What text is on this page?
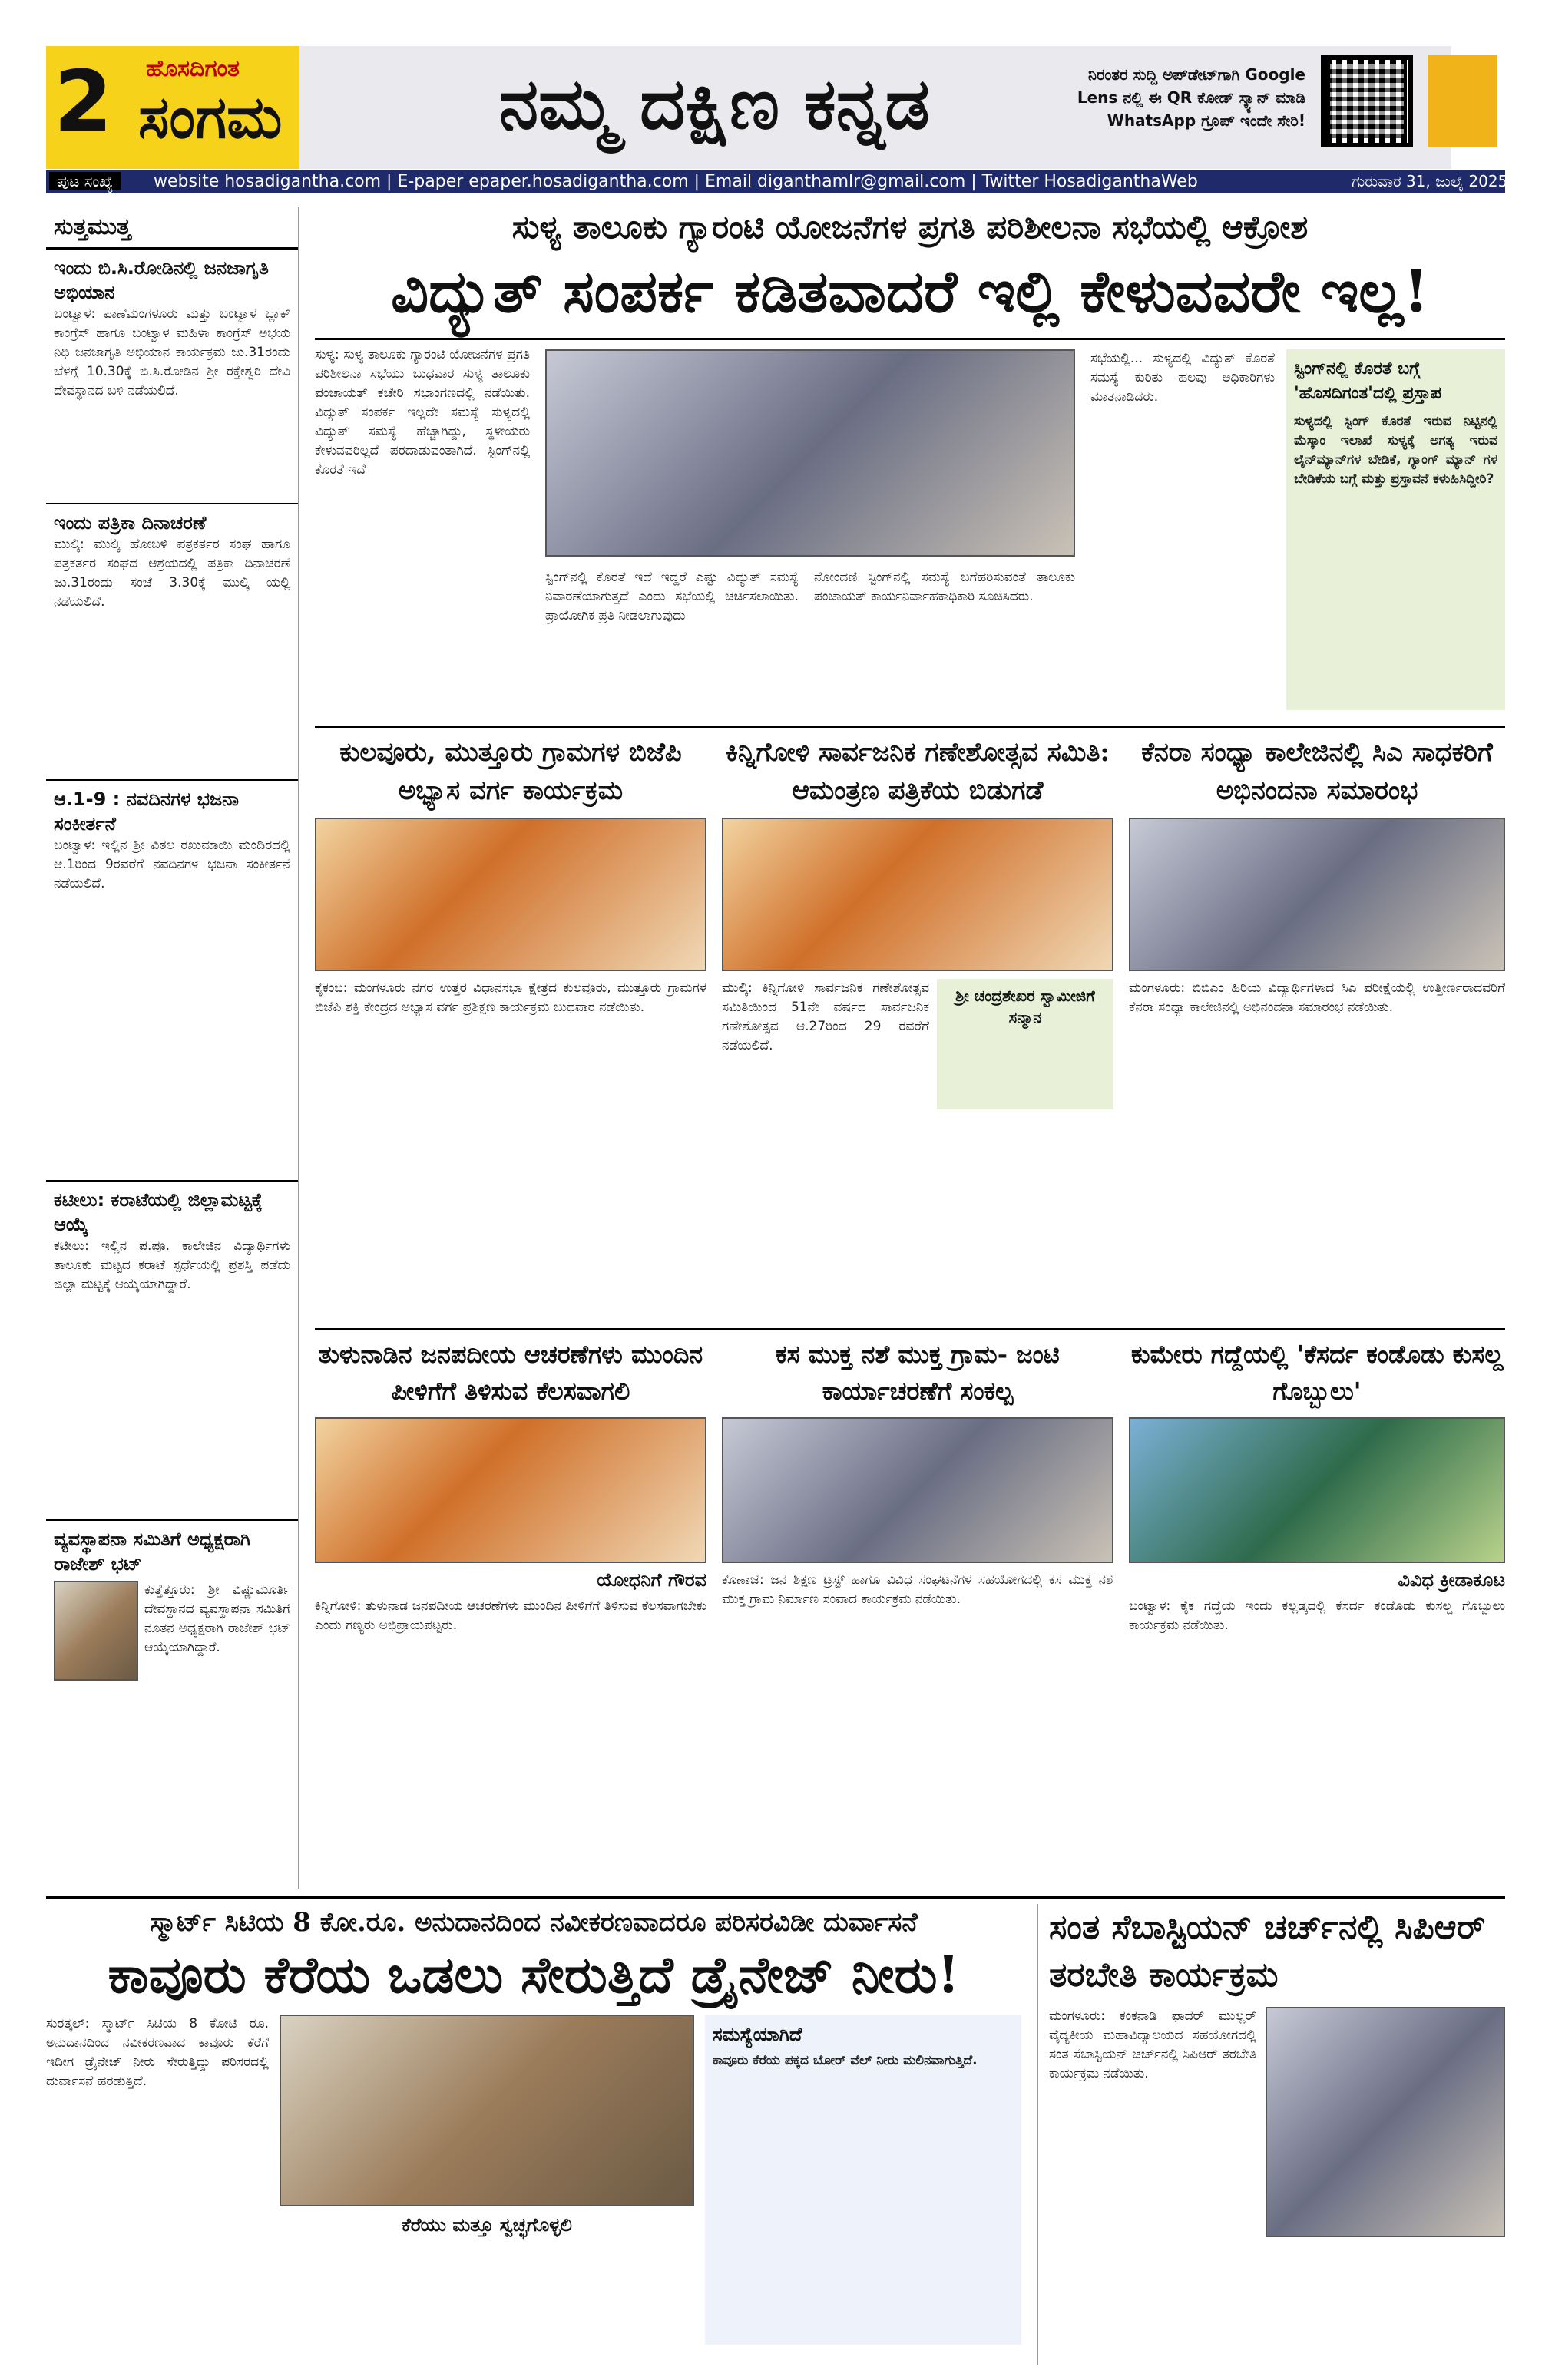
2 ಹೊಸದಿಗಂತ
ಸಂಗಮ	ನಮ್ಮ ದಕ್ಷಿಣ ಕನ್ನಡ	ನಿರಂತರ ಸುದ್ದಿ ಅಪ್‌ಡೇಟ್‌ಗಾಗಿ Google Lens ನಲ್ಲಿ ಈ QR ಕೋಡ್ ಸ್ಕ್ಯಾನ್ ಮಾಡಿ WhatsApp ಗ್ರೂಪ್ ಇಂದೇ ಸೇರಿ!
ಪುಟ ಸಂಖ್ಯೆ	website hosadigantha.com | E-paper epaper.hosadigantha.com | Email diganthamlr@gmail.com | Twitter HosadiganthaWeb	ಗುರುವಾರ 31, ಜುಲೈ 2025
ಸುತ್ತಮುತ್ತ
ಇಂದು ಬಿ.ಸಿ.ರೋಡಿನಲ್ಲಿ ಜನಜಾಗೃತಿ ಅಭಿಯಾನ
ಬಂಟ್ವಾಳ: ಪಾಣೆಮಂಗಳೂರು ಮತ್ತು ಬಂಟ್ವಾಳ ಬ್ಲಾಕ್ ಕಾಂಗ್ರೆಸ್ ಹಾಗೂ ಬಂಟ್ವಾಳ ಮಹಿಳಾ ಕಾಂಗ್ರೆಸ್ ಅಭಯ ನಿಧಿ ಜನಜಾಗೃತಿ ಅಭಿಯಾನ ಕಾರ್ಯಕ್ರಮ ಜು.31ರಂದು ಬೆಳಗ್ಗೆ 10.30ಕ್ಕೆ ಬಿ.ಸಿ.ರೋಡಿನ ಶ್ರೀ ರಕ್ತೇಶ್ವರಿ ದೇವಿ ದೇವಸ್ಥಾನದ ಬಳಿ ನಡೆಯಲಿದೆ.
ಇಂದು ಪತ್ರಿಕಾ ದಿನಾಚರಣೆ
ಮುಲ್ಕಿ: ಮುಲ್ಕಿ ಹೋಬಳಿ ಪತ್ರಕರ್ತರ ಸಂಘ ಹಾಗೂ ಪತ್ರಕರ್ತರ ಸಂಘದ ಆಶ್ರಯದಲ್ಲಿ ಪತ್ರಿಕಾ ದಿನಾಚರಣೆ ಜು.31ರಂದು ಸಂಜೆ 3.30ಕ್ಕೆ ಮುಲ್ಕಿ ಯಲ್ಲಿ ನಡೆಯಲಿದೆ.
ಆ.1-9 : ನವದಿನಗಳ ಭಜನಾ ಸಂಕೀರ್ತನೆ
ಬಂಟ್ವಾಳ: ಇಲ್ಲಿನ ಶ್ರೀ ವಿಠಲ ರಖುಮಾಯಿ ಮಂದಿರದಲ್ಲಿ ಆ.1ರಿಂದ 9ರವರೆಗೆ ನವದಿನಗಳ ಭಜನಾ ಸಂಕೀರ್ತನೆ ನಡೆಯಲಿದೆ.
ಕಟೀಲು: ಕರಾಟೆಯಲ್ಲಿ ಜಿಲ್ಲಾಮಟ್ಟಕ್ಕೆ ಆಯ್ಕೆ
ಕಟೀಲು: ಇಲ್ಲಿನ ಪ.ಪೂ. ಕಾಲೇಜಿನ ವಿದ್ಯಾರ್ಥಿಗಳು ತಾಲೂಕು ಮಟ್ಟದ ಕರಾಟೆ ಸ್ಪರ್ಧೆಯಲ್ಲಿ ಪ್ರಶಸ್ತಿ ಪಡೆದು ಜಿಲ್ಲಾ ಮಟ್ಟಕ್ಕೆ ಆಯ್ಕೆಯಾಗಿದ್ದಾರೆ.
ವ್ಯವಸ್ಥಾಪನಾ ಸಮಿತಿಗೆ ಅಧ್ಯಕ್ಷರಾಗಿ ರಾಜೇಶ್ ಭಟ್
ಕುತ್ತೆತ್ತೂರು: ಶ್ರೀ ವಿಷ್ಣುಮೂರ್ತಿ ದೇವಸ್ಥಾನದ ವ್ಯವಸ್ಥಾಪನಾ ಸಮಿತಿಗೆ ನೂತನ ಅಧ್ಯಕ್ಷರಾಗಿ ರಾಜೇಶ್ ಭಟ್ ಆಯ್ಕೆಯಾಗಿದ್ದಾರೆ.
ಸುಳ್ಯ ತಾಲೂಕು ಗ್ಯಾರಂಟಿ ಯೋಜನೆಗಳ ಪ್ರಗತಿ ಪರಿಶೀಲನಾ ಸಭೆಯಲ್ಲಿ ಆಕ್ರೋಶ
ವಿದ್ಯುತ್ ಸಂಪರ್ಕ ಕಡಿತವಾದರೆ ಇಲ್ಲಿ ಕೇಳುವವರೇ ಇಲ್ಲ!
ಸುಳ್ಯ: ಸುಳ್ಯ ತಾಲೂಕು ಗ್ಯಾರಂಟಿ ಯೋಜನೆಗಳ ಪ್ರಗತಿ ಪರಿಶೀಲನಾ ಸಭೆಯು ಬುಧವಾರ ಸುಳ್ಯ ತಾಲೂಕು ಪಂಚಾಯತ್ ಕಚೇರಿ ಸಭಾಂಗಣದಲ್ಲಿ ನಡೆಯಿತು. ವಿದ್ಯುತ್ ಸಂಪರ್ಕ ಇಲ್ಲದೇ ಸಮಸ್ಯೆ ಸುಳ್ಯದಲ್ಲಿ ವಿದ್ಯುತ್ ಸಮಸ್ಯೆ ಹೆಚ್ಚಾಗಿದ್ದು, ಸ್ಥಳೀಯರು ಕೇಳುವವರಿಲ್ಲದೆ ಪರದಾಡುವಂತಾಗಿದೆ. ಸ್ಟಿಂಗ್‌ನಲ್ಲಿ ಕೊರತೆ ಇದೆ
ಸ್ಟಿಂಗ್‌ನಲ್ಲಿ ಕೊರತೆ ಇದೆ ಇದ್ದರೆ ಎಷ್ಟು ವಿದ್ಯುತ್ ಸಮಸ್ಯೆ ನಿವಾರಣೆಯಾಗುತ್ತದೆ ಎಂದು ಸಭೆಯಲ್ಲಿ ಚರ್ಚಿಸಲಾಯಿತು. ಪ್ರಾಯೋಗಿಕ ಪ್ರತಿ ನೀಡಲಾಗುವುದು
ನೋಂದಣಿ ಸ್ಟಿಂಗ್‌ನಲ್ಲಿ ಸಮಸ್ಯೆ ಬಗೆಹರಿಸುವಂತೆ ತಾಲೂಕು ಪಂಚಾಯತ್ ಕಾರ್ಯನಿರ್ವಾಹಕಾಧಿಕಾರಿ ಸೂಚಿಸಿದರು.
ಸಭೆಯಲ್ಲಿ... ಸುಳ್ಯದಲ್ಲಿ ವಿದ್ಯುತ್ ಕೊರತೆ ಸಮಸ್ಯೆ ಕುರಿತು ಹಲವು ಅಧಿಕಾರಿಗಳು ಮಾತನಾಡಿದರು.
ಸ್ಟಿಂಗ್‌ನಲ್ಲಿ ಕೊರತೆ ಬಗ್ಗೆ 'ಹೊಸದಿಗಂತ'ದಲ್ಲಿ ಪ್ರಸ್ತಾಪ
ಸುಳ್ಯದಲ್ಲಿ ಸ್ಟಿಂಗ್ ಕೊರತೆ ಇರುವ ನಿಟ್ಟಿನಲ್ಲಿ ಮೆಸ್ಕಾಂ ಇಲಾಖೆ ಸುಳ್ಯಕ್ಕೆ ಅಗತ್ಯ ಇರುವ ಲೈನ್‌ಮ್ಯಾನ್‌ಗಳ ಬೇಡಿಕೆ, ಗ್ಯಾಂಗ್ ಮ್ಯಾನ್ ಗಳ ಬೇಡಿಕೆಯ ಬಗ್ಗೆ ಮತ್ತು ಪ್ರಸ್ತಾವನೆ ಕಳುಹಿಸಿದ್ದೀರಿ?
ಕುಲವೂರು, ಮುತ್ತೂರು ಗ್ರಾಮಗಳ ಬಿಜೆಪಿ ಅಭ್ಯಾಸ ವರ್ಗ ಕಾರ್ಯಕ್ರಮ
ಕೈಕಂಬ: ಮಂಗಳೂರು ನಗರ ಉತ್ತರ ವಿಧಾನಸಭಾ ಕ್ಷೇತ್ರದ ಕುಲವೂರು, ಮುತ್ತೂರು ಗ್ರಾಮಗಳ ಬಿಜೆಪಿ ಶಕ್ತಿ ಕೇಂದ್ರದ ಅಭ್ಯಾಸ ವರ್ಗ ಪ್ರಶಿಕ್ಷಣ ಕಾರ್ಯಕ್ರಮ ಬುಧವಾರ ನಡೆಯಿತು.
ಕಿನ್ನಿಗೋಳಿ ಸಾರ್ವಜನಿಕ ಗಣೇಶೋತ್ಸವ ಸಮಿತಿ: ಆಮಂತ್ರಣ ಪತ್ರಿಕೆಯ ಬಿಡುಗಡೆ
ಮುಲ್ಕಿ: ಕಿನ್ನಿಗೋಳಿ ಸಾರ್ವಜನಿಕ ಗಣೇಶೋತ್ಸವ ಸಮಿತಿಯಿಂದ 51ನೇ ವರ್ಷದ ಸಾರ್ವಜನಿಕ ಗಣೇಶೋತ್ಸವ ಆ.27ರಿಂದ 29 ರವರೆಗೆ ನಡೆಯಲಿದೆ.
ಶ್ರೀ ಚಂದ್ರಶೇಖರ ಸ್ವಾಮೀಜಿಗೆ ಸನ್ಮಾನ
ಕೆನರಾ ಸಂಧ್ಯಾ ಕಾಲೇಜಿನಲ್ಲಿ ಸಿಎ ಸಾಧಕರಿಗೆ ಅಭಿನಂದನಾ ಸಮಾರಂಭ
ಮಂಗಳೂರು: ಬಿಬಿಎಂ ಹಿರಿಯ ವಿದ್ಯಾರ್ಥಿಗಳಾದ ಸಿಎ ಪರೀಕ್ಷೆಯಲ್ಲಿ ಉತ್ತೀರ್ಣರಾದವರಿಗೆ ಕೆನರಾ ಸಂಧ್ಯಾ ಕಾಲೇಜಿನಲ್ಲಿ ಅಭಿನಂದನಾ ಸಮಾರಂಭ ನಡೆಯಿತು.
ತುಳುನಾಡಿನ ಜನಪದೀಯ ಆಚರಣೆಗಳು ಮುಂದಿನ ಪೀಳಿಗೆಗೆ ತಿಳಿಸುವ ಕೆಲಸವಾಗಲಿ
ಯೋಧನಿಗೆ ಗೌರವ
ಕಿನ್ನಿಗೋಳಿ: ತುಳುನಾಡ ಜನಪದೀಯ ಆಚರಣೆಗಳು ಮುಂದಿನ ಪೀಳಿಗೆಗೆ ತಿಳಿಸುವ ಕೆಲಸವಾಗಬೇಕು ಎಂದು ಗಣ್ಯರು ಅಭಿಪ್ರಾಯಪಟ್ಟರು.
ಕಸ ಮುಕ್ತ ನಶೆ ಮುಕ್ತ ಗ್ರಾಮ- ಜಂಟಿ ಕಾರ್ಯಾಚರಣೆಗೆ ಸಂಕಲ್ಪ
ಕೊಣಾಜೆ: ಜನ ಶಿಕ್ಷಣ ಟ್ರಸ್ಟ್ ಹಾಗೂ ವಿವಿಧ ಸಂಘಟನೆಗಳ ಸಹಯೋಗದಲ್ಲಿ ಕಸ ಮುಕ್ತ ನಶೆ ಮುಕ್ತ ಗ್ರಾಮ ನಿರ್ಮಾಣ ಸಂವಾದ ಕಾರ್ಯಕ್ರಮ ನಡೆಯಿತು.
ಕುಮೇರು ಗದ್ದೆಯಲ್ಲಿ 'ಕೆಸರ್ದ ಕಂಡೊಡು ಕುಸಲ್ದ ಗೊಬ್ಬುಲು'
ವಿವಿಧ ಕ್ರೀಡಾಕೂಟ
ಬಂಟ್ವಾಳ: ಕೈಕ ಗದ್ದೆಯ ಇಂದು ಕಲ್ಲಡ್ಕದಲ್ಲಿ ಕೆಸರ್ದ ಕಂಡೊಡು ಕುಸಲ್ದ ಗೊಬ್ಬುಲು ಕಾರ್ಯಕ್ರಮ ನಡೆಯಿತು.
ಸ್ಮಾರ್ಟ್ ಸಿಟಿಯ 8 ಕೋ.ರೂ. ಅನುದಾನದಿಂದ ನವೀಕರಣವಾದರೂ ಪರಿಸರವಿಡೀ ದುರ್ವಾಸನೆ
ಕಾವೂರು ಕೆರೆಯ ಒಡಲು ಸೇರುತ್ತಿದೆ ಡ್ರೈನೇಜ್ ನೀರು!
ಸುರತ್ಕಲ್: ಸ್ಮಾರ್ಟ್ ಸಿಟಿಯ 8 ಕೋಟಿ ರೂ. ಅನುದಾನದಿಂದ ನವೀಕರಣವಾದ ಕಾವೂರು ಕೆರೆಗೆ ಇದೀಗ ಡ್ರೈನೇಜ್ ನೀರು ಸೇರುತ್ತಿದ್ದು ಪರಿಸರದಲ್ಲಿ ದುರ್ವಾಸನೆ ಹರಡುತ್ತಿದೆ.
ಕೆರೆಯು ಮತ್ತೂ ಸ್ವಚ್ಛಗೊಳ್ಳಲಿ
ಸಮಸ್ಯೆಯಾಗಿದೆ
ಕಾವೂರು ಕೆರೆಯ ಪಕ್ಕದ ಬೋರ್ ವೆಲ್ ನೀರು ಮಲಿನವಾಗುತ್ತಿದೆ.
ಸಂತ ಸೆಬಾಸ್ಟಿಯನ್ ಚರ್ಚ್‌ನಲ್ಲಿ ಸಿಪಿಆರ್ ತರಬೇತಿ ಕಾರ್ಯಕ್ರಮ
ಮಂಗಳೂರು: ಕಂಕನಾಡಿ ಫಾದರ್ ಮುಲ್ಲರ್ ವೈದ್ಯಕೀಯ ಮಹಾವಿದ್ಯಾಲಯದ ಸಹಯೋಗದಲ್ಲಿ ಸಂತ ಸೆಬಾಸ್ಟಿಯನ್ ಚರ್ಚ್‌ನಲ್ಲಿ ಸಿಪಿಆರ್ ತರಬೇತಿ ಕಾರ್ಯಕ್ರಮ ನಡೆಯಿತು.
